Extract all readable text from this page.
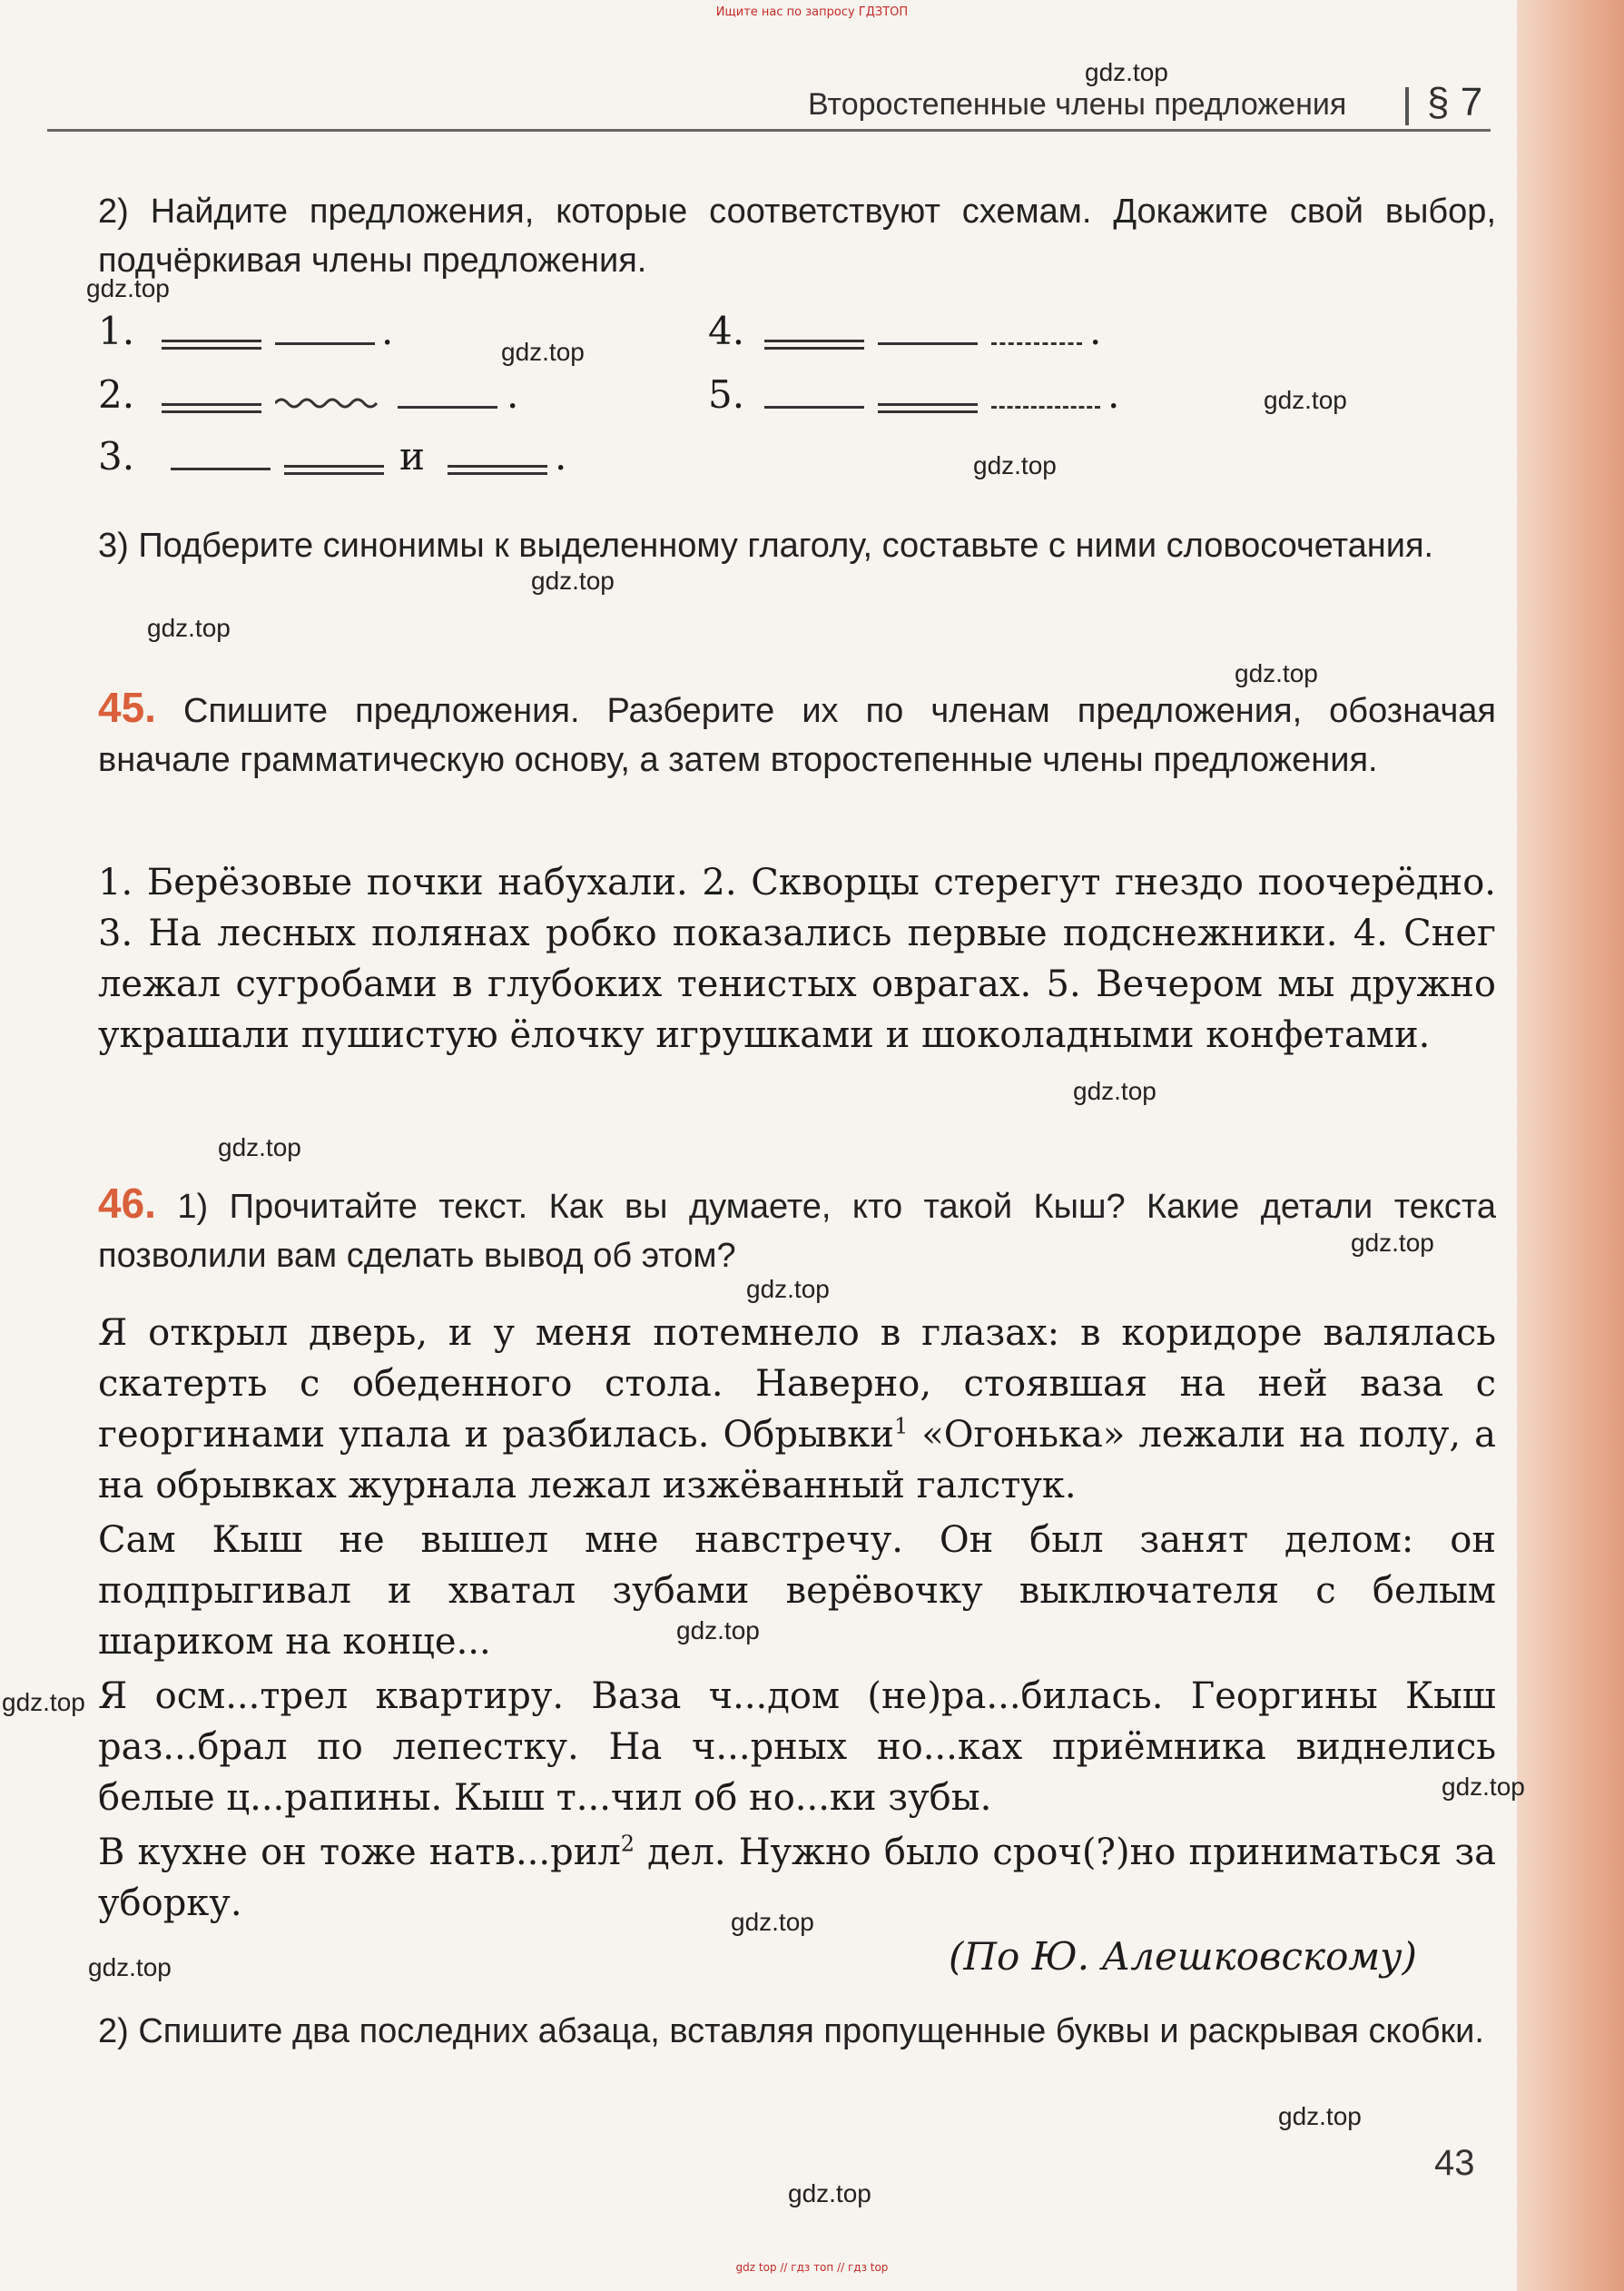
Ищите нас по запросу ГДЗТОП
Второстепенные члены предложения § 7
2) Найдите предложения, которые соответствуют схемам. Докажите свой выбор, подчёркивая члены предложения.
1.	.
2.	.
3.	и	.
4.	.
5.	.
3) Подберите синонимы к выделенному глаголу, составьте с ними словосочетания.
45. Спишите предложения. Разберите их по членам предложения, обозначая вначале грамматическую основу, а затем второстепенные члены предложения.
1. Берёзовые почки набухали. 2. Скворцы стерегут гнездо поочерёдно. 3. На лесных полянах робко показались первые подснежники. 4. Снег лежал сугробами в глубоких тенистых оврагах. 5. Вечером мы дружно украшали пушистую ёлочку игрушками и шоколадными конфетами.
46. 1) Прочитайте текст. Как вы думаете, кто такой Кыш? Какие детали текста позволили вам сделать вывод об этом?
Я открыл дверь, и у меня потемнело в глазах: в коридоре валялась скатерть с обеденного стола. Наверно, стоявшая на ней ваза с георгинами упала и разбилась. Обрывки$^1$ «Огонька» лежали на полу, а на обрывках журнала лежал изжёванный галстук.
Сам Кыш не вышел мне навстречу. Он был занят делом: он подпрыгивал и хватал зубами верёвочку выключателя с белым шариком на конце...
Я осм...трел квартиру. Ваза ч...дом (не)ра...билась. Георгины Кыш раз...брал по лепестку. На ч...рных но...ках приёмника виднелись белые ц...рапины. Кыш т...чил об но...ки зубы.
В кухне он тоже натв...рил$^2$ дел. Нужно было сроч(?)но приниматься за уборку.
(По Ю. Алешковскому)
2) Спишите два последних абзаца, вставляя пропущенные буквы и раскрывая скобки.
43
gdz.top
gdz.top
gdz.top
gdz.top
gdz.top
gdz.top
gdz.top
gdz.top
gdz.top
gdz.top
gdz.top
gdz.top
gdz.top
gdz.top
gdz.top
gdz.top
gdz.top
gdz.top
gdz.top
gdz top // гдз топ // гдз top
